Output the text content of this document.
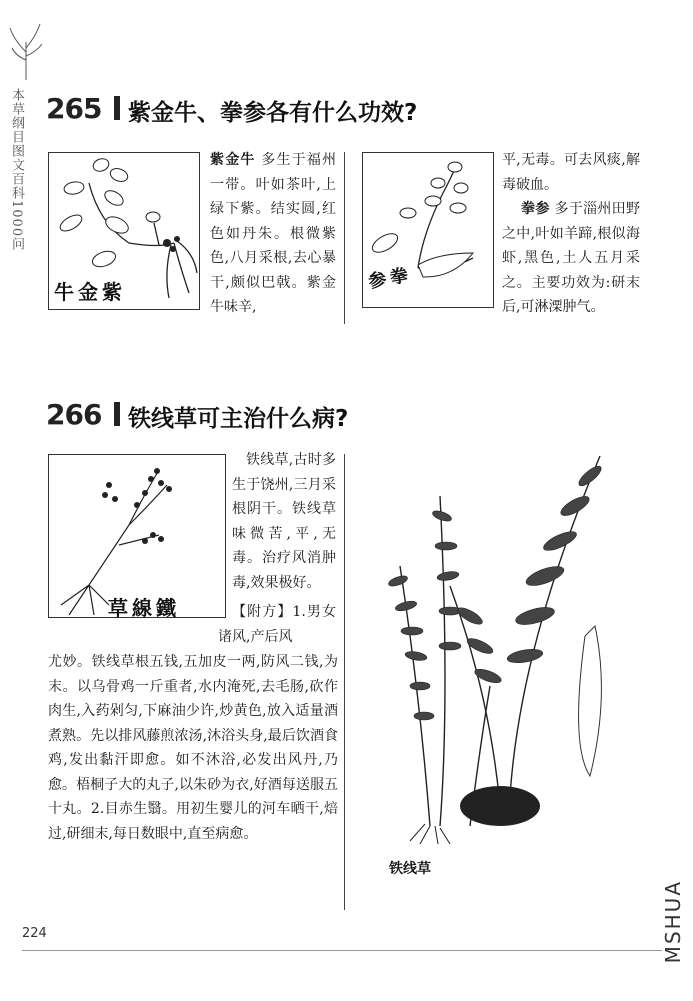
本草纲目图文百科1000问 265 紫金牛、拳参各有什么功效?
牛金紫
紫金牛 多生于福州一带。叶如茶叶,上绿下紫。结实圆,红色如丹朱。根微紫色,八月采根,去心暴干,颇似巴戟。紫金牛味辛,
参拳
平,无毒。可去风痰,解毒破血。
拳参 多于淄州田野之中,叶如羊蹄,根似海虾,黑色,土人五月采之。主要功效为:研末后,可淋溧肿气。
266 铁线草可主治什么病?
草線鐵
铁线草,古时多生于饶州,三月采根阴干。铁线草味微苦,平,无毒。治疗风消肿毒,效果极好。
【附方】1.男女诸风,产后风
尤妙。铁线草根五钱,五加皮一两,防风二钱,为末。以乌骨鸡一斤重者,水内淹死,去毛肠,砍作肉生,入药剁匀,下麻油少许,炒黄色,放入适量酒煮熟。先以排风藤煎浓汤,沐浴头身,最后饮酒食鸡,发出黏汗即愈。如不沐浴,必发出风丹,乃愈。梧桐子大的丸子,以朱砂为衣,好酒每送服五十丸。2.目赤生翳。用初生婴儿的河车晒干,焙过,研细末,每日数眼中,直至病愈。
铁线草
224	MSHUA
